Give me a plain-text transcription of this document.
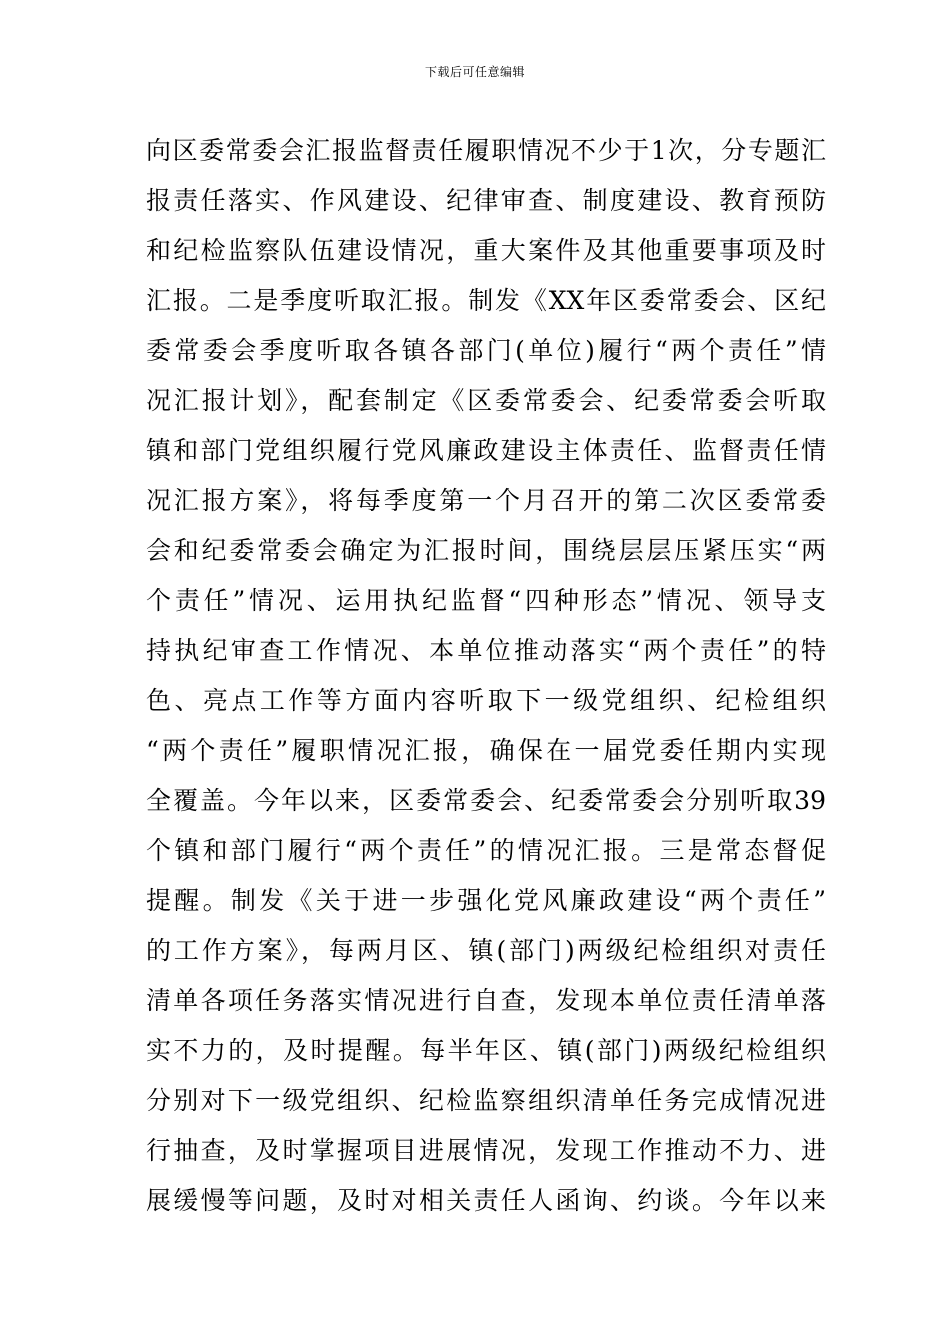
下载后可任意编辑
向区委常委会汇报监督责任履职情况不少于1次，分专题汇
报责任落实、作风建设、纪律审查、制度建设、教育预防
和纪检监察队伍建设情况，重大案件及其他重要事项及时
汇报。二是季度听取汇报。制发《XX年区委常委会、区纪
委常委会季度听取各镇各部门(单位)履行“两个责任”情
况汇报计划》，配套制定《区委常委会、纪委常委会听取
镇和部门党组织履行党风廉政建设主体责任、监督责任情
况汇报方案》，将每季度第一个月召开的第二次区委常委
会和纪委常委会确定为汇报时间，围绕层层压紧压实“两
个责任”情况、运用执纪监督“四种形态”情况、领导支
持执纪审查工作情况、本单位推动落实“两个责任”的特
色、亮点工作等方面内容听取下一级党组织、纪检组织
“两个责任”履职情况汇报，确保在一届党委任期内实现
全覆盖。今年以来，区委常委会、纪委常委会分别听取39
个镇和部门履行“两个责任”的情况汇报。三是常态督促
提醒。制发《关于进一步强化党风廉政建设“两个责任”
的工作方案》，每两月区、镇(部门)两级纪检组织对责任
清单各项任务落实情况进行自查，发现本单位责任清单落
实不力的，及时提醒。每半年区、镇(部门)两级纪检组织
分别对下一级党组织、纪检监察组织清单任务完成情况进
行抽查，及时掌握项目进展情况，发现工作推动不力、进
展缓慢等问题，及时对相关责任人函询、约谈。今年以来
